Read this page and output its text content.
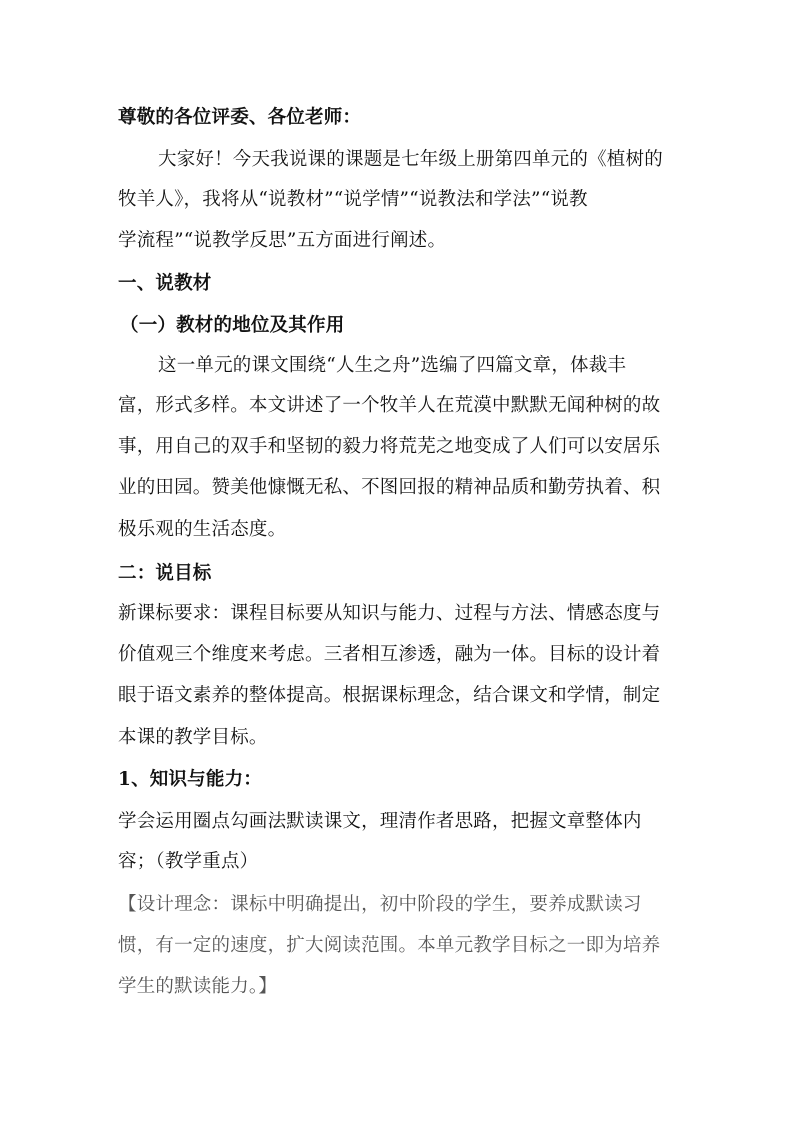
尊敬的各位评委、各位老师：
大家好！今天我说课的课题是七年级上册第四单元的《植树的
牧羊人》，我将从“说教材”“说学情”“说教法和学法”“说教
学流程”“说教学反思”五方面进行阐述。
一、说教材
（一）教材的地位及其作用
这一单元的课文围绕“人生之舟”选编了四篇文章，体裁丰
富，形式多样。本文讲述了一个牧羊人在荒漠中默默无闻种树的故
事，用自己的双手和坚韧的毅力将荒芜之地变成了人们可以安居乐
业的田园。赞美他慷慨无私、不图回报的精神品质和勤劳执着、积
极乐观的生活态度。
二：说目标
新课标要求：课程目标要从知识与能力、过程与方法、情感态度与
价值观三个维度来考虑。三者相互渗透，融为一体。目标的设计着
眼于语文素养的整体提高。根据课标理念，结合课文和学情，制定
本课的教学目标。
1、知识与能力：
学会运用圈点勾画法默读课文，理清作者思路，把握文章整体内
容；（教学重点）
【设计理念：课标中明确提出，初中阶段的学生，要养成默读习
惯，有一定的速度，扩大阅读范围。本单元教学目标之一即为培养
学生的默读能力。】
